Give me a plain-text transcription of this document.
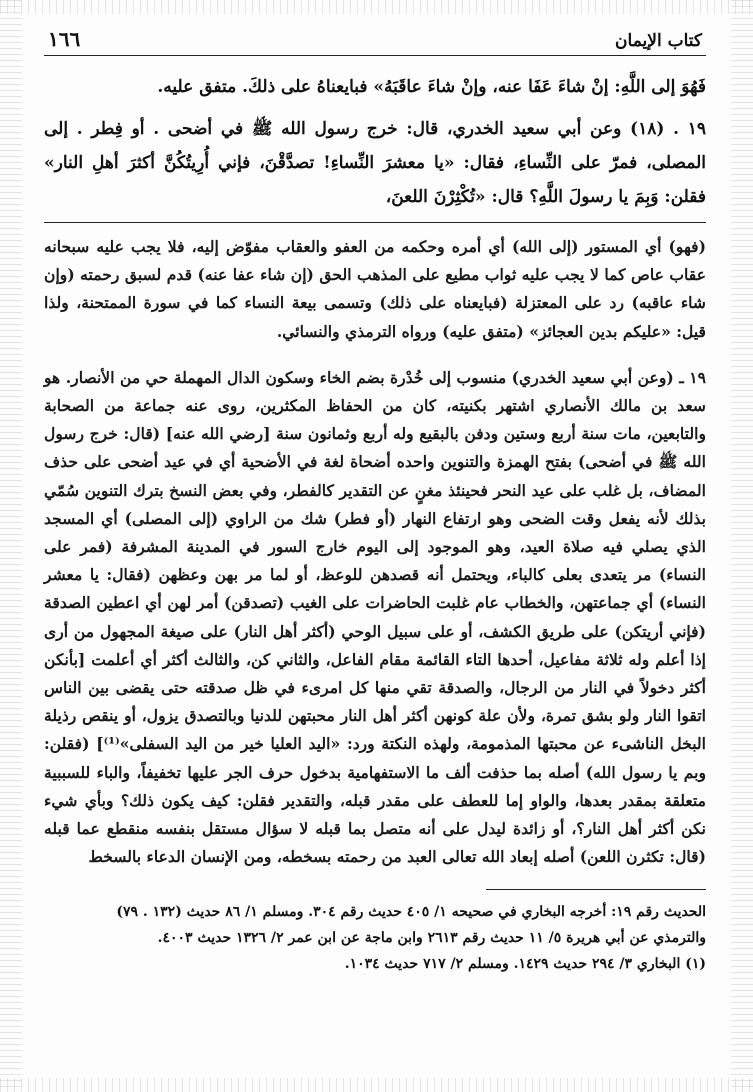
كتاب الإيمان
١٦٦

فَهُوَ إلى اللَّهِ: إنْ شاءَ عَفَا عنه، وإنْ شاءَ عاقَبَهُ» فبايعناهُ على ذلكَ. متفق عليه.

١٩ . (١٨) وعن أبي سعيد الخدري، قال: خرج رسول الله ﷺ في أضحى . أو فِطر . إلى المصلى، فمرّ على النِّساءِ، فقال: «يا معشرَ النِّساءِ! تصدَّقْنَ، فإني أُرِيتُكُنَّ أكثرَ أهلِ النار» فقلن: وَبِمَ يا رسولَ اللَّهِ؟ قال: «تُكْثِرْنَ اللعنَ،

(فهو) أي المستور (إلى الله) أي أمره وحكمه من العفو والعقاب مفوّض إليه، فلا يجب عليه سبحانه عقاب عاص كما لا يجب عليه ثواب مطيع على المذهب الحق (إن شاء عفا عنه) قدم لسبق رحمته (وإن شاء عاقبه) رد على المعتزلة (فبايعناه على ذلك) وتسمى بيعة النساء كما في سورة الممتحنة، ولذا قيل: «عليكم بدين العجائز» (متفق عليه) ورواه الترمذي والنسائي.

١٩ ـ (وعن أبي سعيد الخدري) منسوب إلى خُدْرة بضم الخاء وسكون الدال المهملة حي من الأنصار. هو سعد بن مالك الأنصاري اشتهر بكنيته، كان من الحفاظ المكثرين، روى عنه جماعة من الصحابة والتابعين، مات سنة أربع وستين ودفن بالبقيع وله أربع وثمانون سنة [رضي الله عنه] (قال: خرج رسول الله ﷺ في أضحى) بفتح الهمزة والتنوين واحده أضحاة لغة في الأضحية أي في عيد أضحى على حذف المضاف، بل غلب على عيد النحر فحينئذ مغنٍ عن التقدير كالفطر، وفي بعض النسخ بترك التنوين سُمّي بذلك لأنه يفعل وقت الضحى وهو ارتفاع النهار (أو فطر) شك من الراوي (إلى المصلى) أي المسجد الذي يصلي فيه صلاة العيد، وهو الموجود إلى اليوم خارج السور في المدينة المشرفة (فمر على النساء) مر يتعدى بعلى كالباء، ويحتمل أنه قصدهن للوعظ، أو لما مر بهن وعظهن (فقال: يا معشر النساء) أي جماعتهن، والخطاب عام غلبت الحاضرات على الغيب (تصدقن) أمر لهن أي اعطين الصدقة (فإني أريتكن) على طريق الكشف، أو على سبيل الوحي (أكثر أهل النار) على صيغة المجهول من أرى إذا أعلم وله ثلاثة مفاعيل، أحدها التاء القائمة مقام الفاعل، والثاني كن، والثالث أكثر أي أعلمت [بأنكن أكثر دخولاً في النار من الرجال، والصدقة تقي منها كل امرىء في ظل صدقته حتى يقضى بين الناس اتقوا النار ولو بشق تمرة، ولأن علة كونهن أكثر أهل النار محبتهن للدنيا وبالتصدق يزول، أو ينقص رذيلة البخل الناشىء عن محبتها المذمومة، ولهذه النكتة ورد: «اليد العليا خير من اليد السفلى»⁽¹⁾] (فقلن: وبم يا رسول الله) أصله بما حذفت ألف ما الاستفهامية بدخول حرف الجر عليها تخفيفاً، والباء للسببية متعلقة بمقدر بعدها، والواو إما للعطف على مقدر قبله، والتقدير فقلن: كيف يكون ذلك؟ وبأي شيء نكن أكثر أهل النار؟، أو زائدة ليدل على أنه متصل بما قبله لا سؤال مستقل بنفسه منقطع عما قبله (قال: تكثرن اللعن) أصله إبعاد الله تعالى العبد من رحمته بسخطه، ومن الإنسان الدعاء بالسخط

الحديث رقم ١٩: أخرجه البخاري في صحيحه ١/ ٤٠٥ حديث رقم ٣٠٤. ومسلم ١/ ٨٦ حديث (١٣٢ . ٧٩)

والترمذي عن أبي هريرة ٥/ ١١ حديث رقم ٢٦١٣ وابن ماجة عن ابن عمر ٢/ ١٣٢٦ حديث ٤٠٠٣.

(١) البخاري ٣/ ٢٩٤ حديث ١٤٢٩. ومسلم ٢/ ٧١٧ حديث ١٠٣٤.
